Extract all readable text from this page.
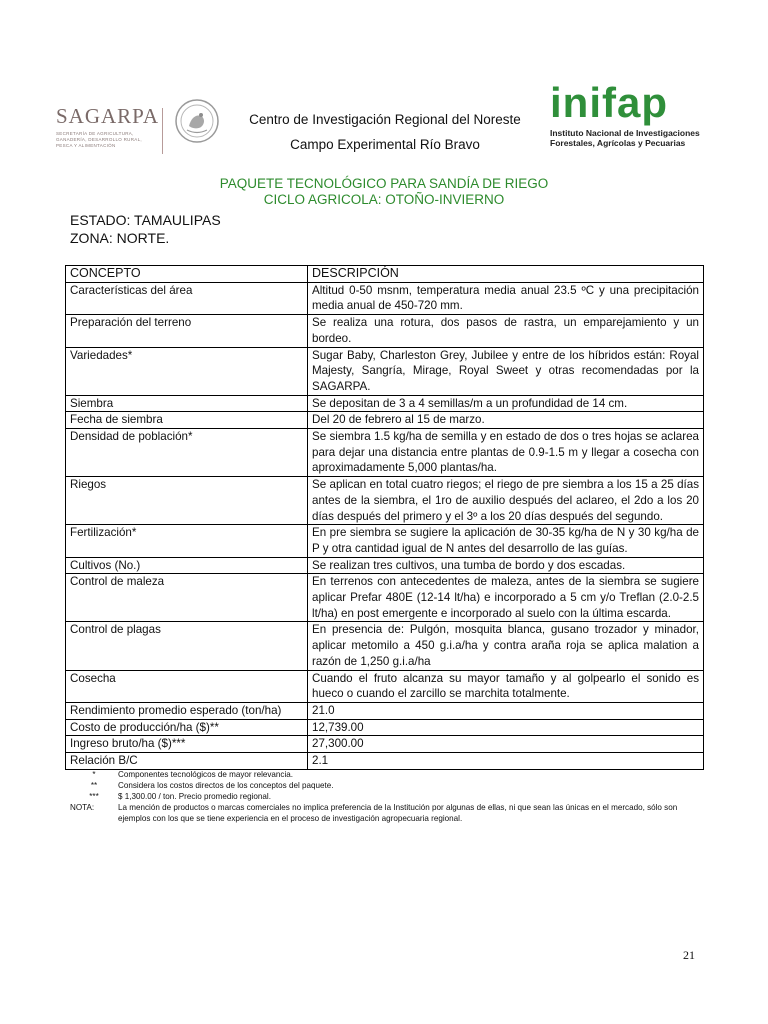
SAGARPA
SECRETARÍA DE AGRICULTURA,
GANADERÍA, DESARROLLO RURAL,
PESCA Y ALIMENTACIÓN
Centro de Investigación Regional del Noreste
Campo Experimental Río Bravo
inifap
Instituto Nacional de Investigaciones
Forestales, Agrícolas y Pecuarias
PAQUETE TECNOLÓGICO PARA SANDÍA DE RIEGO
CICLO AGRICOLA: OTOÑO-INVIERNO
ESTADO: TAMAULIPAS
ZONA: NORTE.
CONCEPTO	DESCRIPCIÓN
Características del área	Altitud 0-50 msnm, temperatura media anual 23.5 ºC y una precipitación media anual de 450-720 mm.
Preparación del terreno	Se realiza una rotura, dos pasos de rastra, un emparejamiento y un bordeo.
Variedades*	Sugar Baby, Charleston Grey, Jubilee y entre de los híbridos están: Royal Majesty, Sangría, Mirage, Royal Sweet y otras recomendadas por la SAGARPA.
Siembra	Se depositan de 3 a 4 semillas/m a un profundidad de 14 cm.
Fecha de siembra	Del 20 de febrero al 15 de marzo.
Densidad de población*	Se siembra 1.5 kg/ha de semilla y en estado de dos o tres hojas se aclarea para dejar una distancia entre plantas de 0.9-1.5 m y llegar a cosecha con aproximadamente 5,000 plantas/ha.
Riegos	Se aplican en total cuatro riegos; el riego de pre siembra a los 15 a 25 días antes de la siembra, el 1ro de auxilio después del aclareo, el 2do a los 20 días después del primero y el 3º a los 20 días después del segundo.
Fertilización*	En pre siembra se sugiere la aplicación de 30-35 kg/ha de N y 30 kg/ha de P y otra cantidad igual de N antes del desarrollo de las guías.
Cultivos (No.)	Se realizan tres cultivos, una tumba de bordo y dos escadas.
Control de maleza	En terrenos con antecedentes de maleza, antes de la siembra se sugiere aplicar Prefar 480E (12-14 lt/ha) e incorporado a 5 cm y/o Treflan (2.0-2.5 lt/ha) en post emergente e incorporado al suelo con la última escarda.
Control de plagas	En presencia de: Pulgón, mosquita blanca, gusano trozador y minador, aplicar metomilo a 450 g.i.a/ha y contra araña roja se aplica malation a razón de 1,250 g.i.a/ha
Cosecha	Cuando el fruto alcanza su mayor tamaño y al golpearlo el sonido es hueco o cuando el zarcillo se marchita totalmente.
Rendimiento promedio esperado (ton/ha)	21.0
Costo de producción/ha ($)**	12,739.00
Ingreso bruto/ha ($)***	27,300.00
Relación B/C	2.1
*	Componentes tecnológicos de mayor relevancia.
**	Considera los costos directos de los conceptos del paquete.
***	$ 1,300.00 / ton. Precio promedio regional.
NOTA:	La mención de productos o marcas comerciales no implica preferencia de la Institución por algunas de ellas, ni que sean las únicas en el mercado, sólo son ejemplos con los que se tiene experiencia en el proceso de investigación agropecuaria regional.
21
